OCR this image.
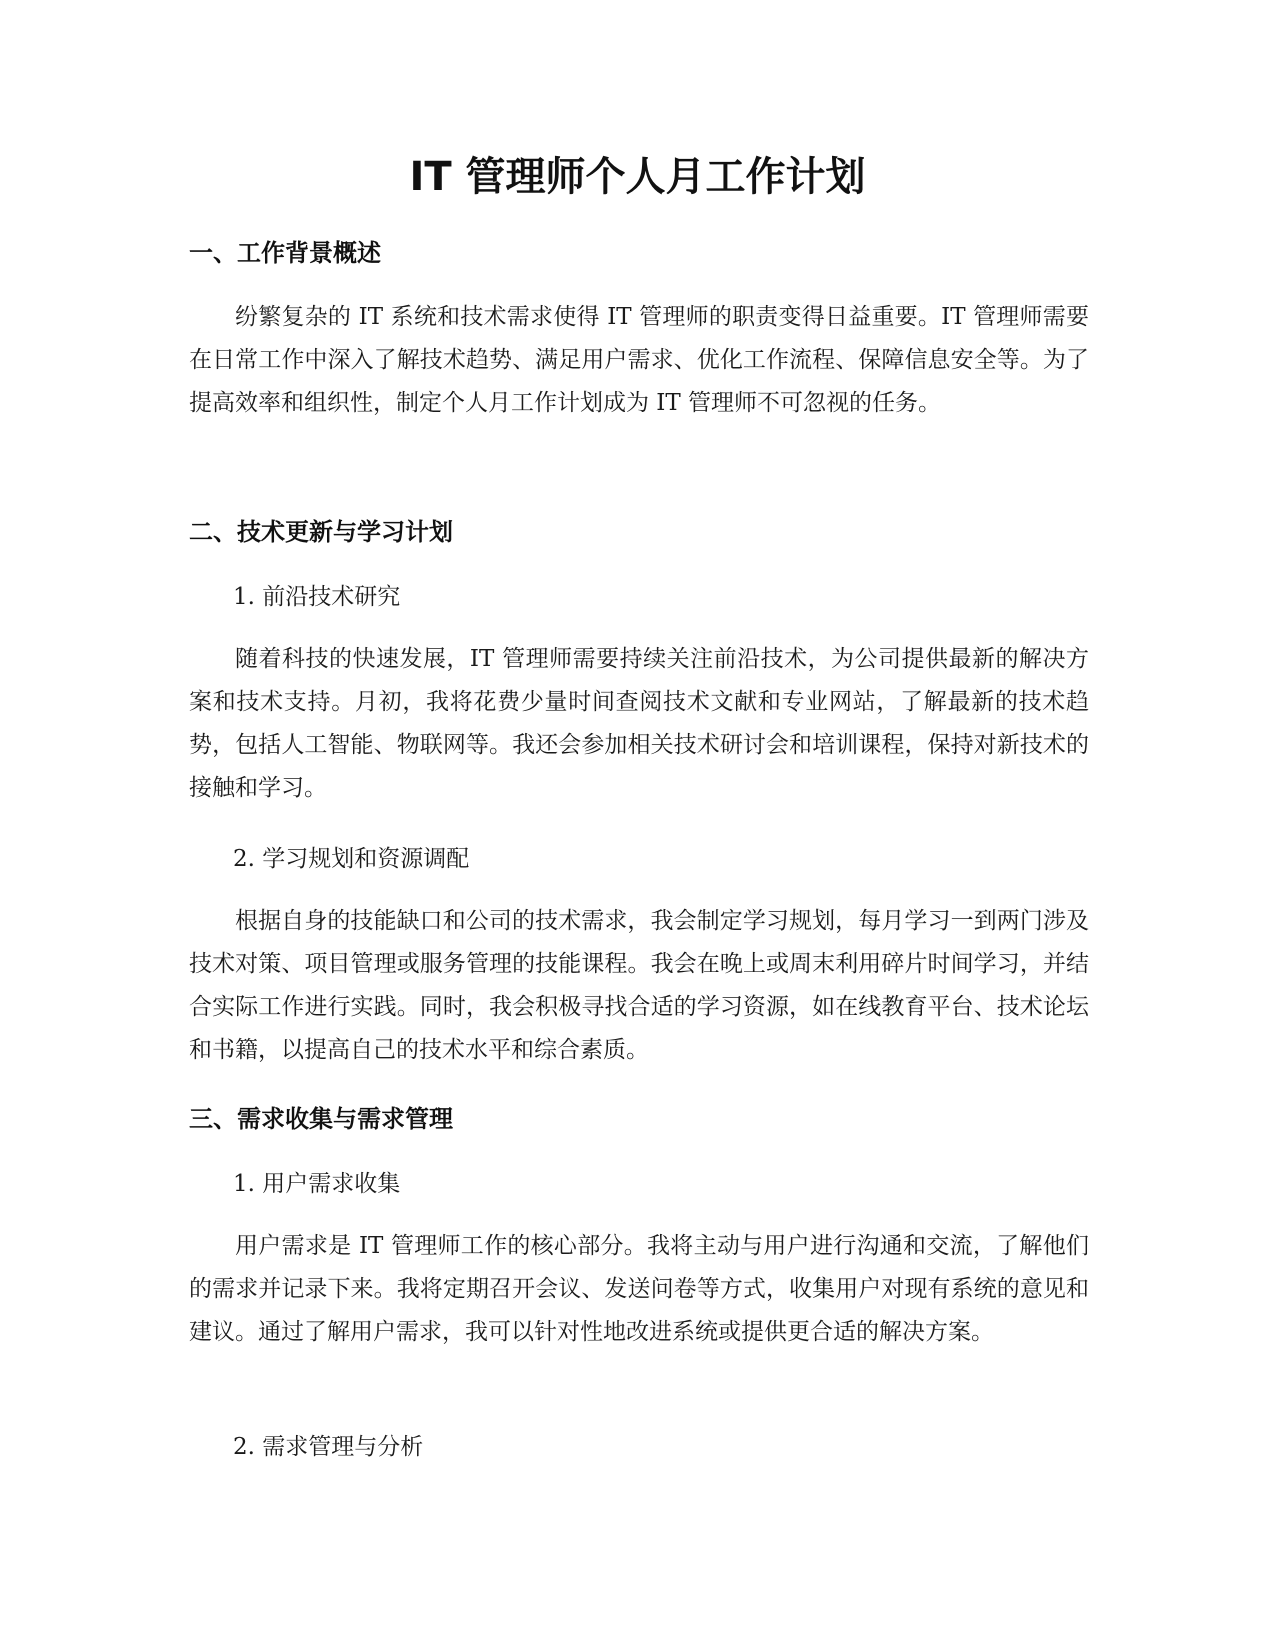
IT 管理师个人月工作计划
一、工作背景概述

纷繁复杂的 IT 系统和技术需求使得 IT 管理师的职责变得日益重要。IT 管理师需要在日常工作中深入了解技术趋势、满足用户需求、优化工作流程、保障信息安全等。为了提高效率和组织性，制定个人月工作计划成为 IT 管理师不可忽视的任务。

二、技术更新与学习计划

1. 前沿技术研究

随着科技的快速发展，IT 管理师需要持续关注前沿技术，为公司提供最新的解决方案和技术支持。月初，我将花费少量时间查阅技术文献和专业网站，了解最新的技术趋势，包括人工智能、物联网等。我还会参加相关技术研讨会和培训课程，保持对新技术的接触和学习。

2. 学习规划和资源调配

根据自身的技能缺口和公司的技术需求，我会制定学习规划，每月学习一到两门涉及技术对策、项目管理或服务管理的技能课程。我会在晚上或周末利用碎片时间学习，并结合实际工作进行实践。同时，我会积极寻找合适的学习资源，如在线教育平台、技术论坛和书籍，以提高自己的技术水平和综合素质。

三、需求收集与需求管理

1. 用户需求收集

用户需求是 IT 管理师工作的核心部分。我将主动与用户进行沟通和交流，了解他们的需求并记录下来。我将定期召开会议、发送问卷等方式，收集用户对现有系统的意见和建议。通过了解用户需求，我可以针对性地改进系统或提供更合适的解决方案。

2. 需求管理与分析
